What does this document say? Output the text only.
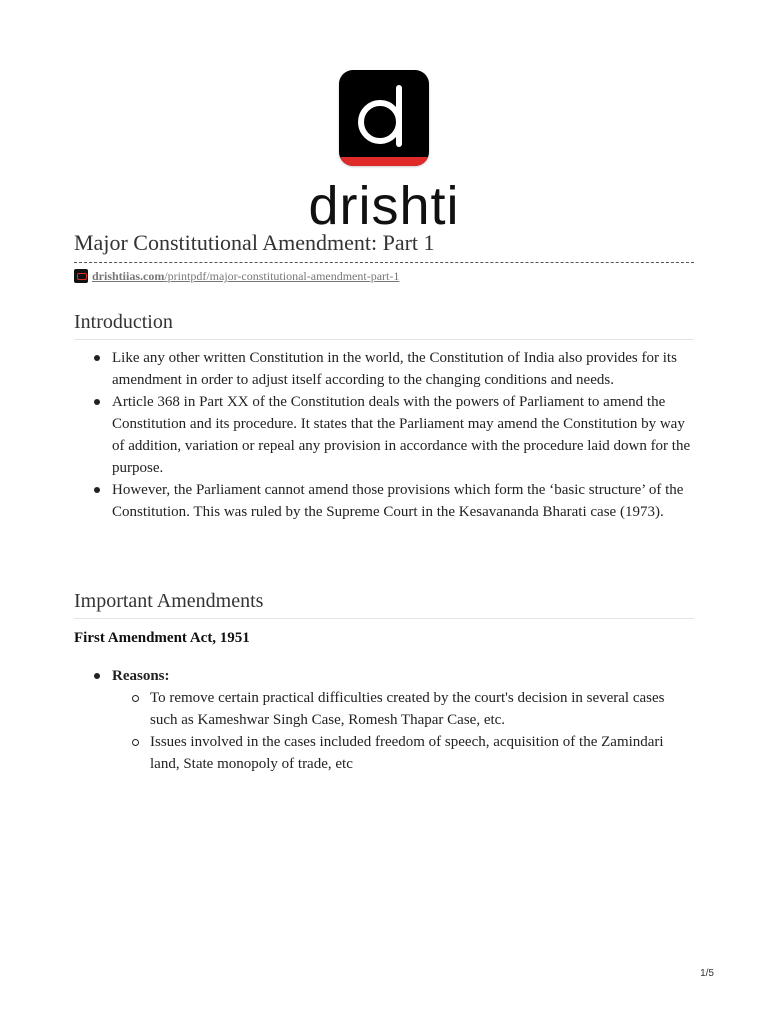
drishti
Major Constitutional Amendment: Part 1
drishtiias.com /printpdf/major-constitutional-amendment-part-1
Introduction
Like any other written Constitution in the world, the Constitution of India also provides for its amendment in order to adjust itself according to the changing conditions and needs.
Article 368 in Part XX of the Constitution deals with the powers of Parliament to amend the Constitution and its procedure. It states that the Parliament may amend the Constitution by way of addition, variation or repeal any provision in accordance with the procedure laid down for the purpose.
However, the Parliament cannot amend those provisions which form the ‘basic structure’ of the Constitution. This was ruled by the Supreme Court in the Kesavananda Bharati case (1973).
Important Amendments
First Amendment Act, 1951
Reasons:
To remove certain practical difficulties created by the court's decision in several cases such as Kameshwar Singh Case, Romesh Thapar Case, etc.
Issues involved in the cases included freedom of speech, acquisition of the Zamindari land, State monopoly of trade, etc
1/5
